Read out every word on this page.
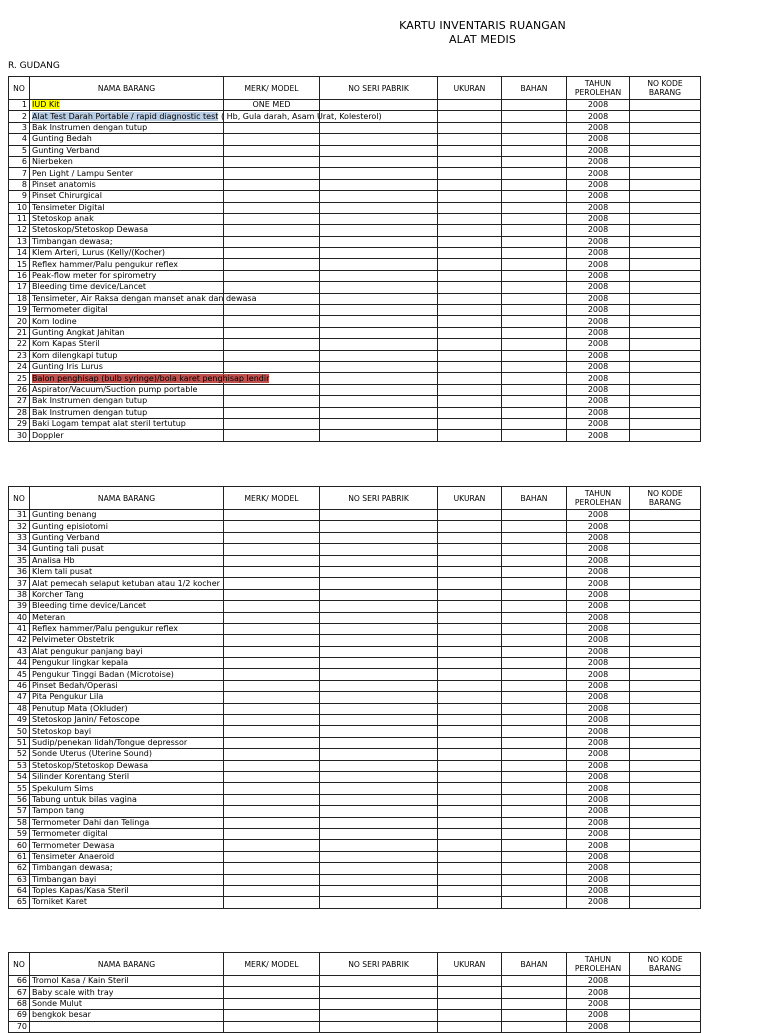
KARTU INVENTARIS RUANGAN
ALAT MEDIS
R. GUDANG
NO	NAMA BARANG	MERK/ MODEL	NO SERI PABRIK	UKURAN	BAHAN	TAHUN PEROLEHAN	NO KODE BARANG
1	IUD Kit	ONE MED				2008	
2	Alat Test Darah Portable / rapid diagnostic test ( Hb, Gula darah, Asam Urat, Kolesterol)					2008	
3	Bak Instrumen dengan tutup					2008	
4	Gunting Bedah					2008	
5	Gunting Verband					2008	
6	Nierbeken					2008	
7	Pen Light / Lampu Senter					2008	
8	Pinset anatomis					2008	
9	Pinset Chirurgical					2008	
10	Tensimeter Digital					2008	
11	Stetoskop anak					2008	
12	Stetoskop/Stetoskop Dewasa					2008	
13	Timbangan dewasa;					2008	
14	Klem Arteri, Lurus (Kelly/(Kocher)					2008	
15	Reflex hammer/Palu pengukur reflex					2008	
16	Peak-flow meter for spirometry					2008	
17	Bleeding time device/Lancet					2008	
18	Tensimeter, Air Raksa dengan manset anak dan dewasa					2008	
19	Termometer digital					2008	
20	Kom Iodine					2008	
21	Gunting Angkat Jahitan					2008	
22	Kom Kapas Steril					2008	
23	Kom dilengkapi tutup					2008	
24	Gunting Iris Lurus					2008	
25	Balon penghisap (bulb syringe)/bola karet penghisap lendir					2008	
26	Aspirator/Vacuum/Suction pump portable					2008	
27	Bak Instrumen dengan tutup					2008	
28	Bak Instrumen dengan tutup					2008	
29	Baki Logam tempat alat steril tertutup					2008	
30	Doppler					2008	
NO	NAMA BARANG	MERK/ MODEL	NO SERI PABRIK	UKURAN	BAHAN	TAHUN PEROLEHAN	NO KODE BARANG
31	Gunting benang					2008	
32	Gunting episiotomi					2008	
33	Gunting Verband					2008	
34	Gunting tali pusat					2008	
35	Analisa Hb					2008	
36	Klem tali pusat					2008	
37	Alat pemecah selaput ketuban atau 1/2 kocher					2008	
38	Korcher Tang					2008	
39	Bleeding time device/Lancet					2008	
40	Meteran					2008	
41	Reflex hammer/Palu pengukur reflex					2008	
42	Pelvimeter Obstetrik					2008	
43	Alat pengukur panjang bayi					2008	
44	Pengukur lingkar kepala					2008	
45	Pengukur Tinggi Badan (Microtoise)					2008	
46	Pinset Bedah/Operasi					2008	
47	Pita Pengukur Lila					2008	
48	Penutup Mata (Okluder)					2008	
49	Stetoskop Janin/ Fetoscope					2008	
50	Stetoskop bayi					2008	
51	Sudip/penekan lidah/Tongue depressor					2008	
52	Sonde Uterus (Uterine Sound)					2008	
53	Stetoskop/Stetoskop Dewasa					2008	
54	Silinder Korentang Steril					2008	
55	Spekulum Sims					2008	
56	Tabung untuk bilas vagina					2008	
57	Tampon tang					2008	
58	Termometer Dahi dan Telinga					2008	
59	Termometer digital					2008	
60	Termometer Dewasa					2008	
61	Tensimeter Anaeroid					2008	
62	Timbangan dewasa;					2008	
63	Timbangan bayi					2008	
64	Toples Kapas/Kasa Steril					2008	
65	Torniket Karet					2008	
NO	NAMA BARANG	MERK/ MODEL	NO SERI PABRIK	UKURAN	BAHAN	TAHUN PEROLEHAN	NO KODE BARANG
66	Tromol Kasa / Kain Steril					2008	
67	Baby scale with tray					2008	
68	Sonde Mulut					2008	
69	bengkok besar					2008	
70						2008	
